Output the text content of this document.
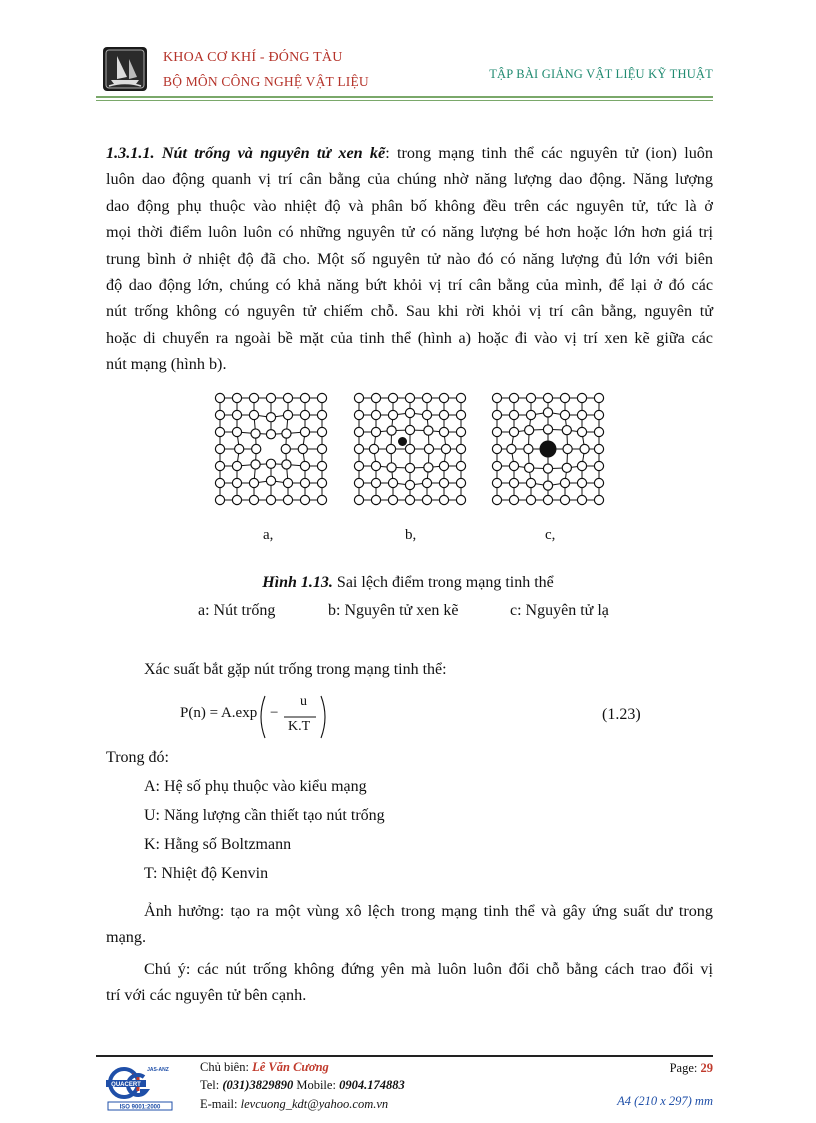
KHOA CƠ KHÍ - ĐÓNG TÀU
BỘ MÔN CÔNG NGHỆ VẬT LIỆU	TẬP BÀI GIẢNG VẬT LIỆU KỸ THUẬT
1.3.1.1. Nút trống và nguyên tử xen kẽ: trong mạng tinh thể các nguyên tử (ion) luôn
luôn dao động quanh vị trí cân bằng của chúng nhờ năng lượng dao động. Năng lượng
dao động phụ thuộc vào nhiệt độ và phân bố không đều trên các nguyên tử, tức là ở
mọi thời điểm luôn luôn có những nguyên tử có năng lượng bé hơn hoặc lớn hơn giá trị
trung bình ở nhiệt độ đã cho. Một số nguyên tử nào đó có năng lượng đủ lớn với biên
độ dao động lớn, chúng có khả năng bứt khỏi vị trí cân bằng của mình, để lại ở đó các
nút trống không có nguyên tử chiếm chỗ. Sau khi rời khỏi vị trí cân bằng, nguyên tử
hoặc di chuyển ra ngoài bề mặt của tinh thể (hình a) hoặc đi vào vị trí xen kẽ giữa các
nút mạng (hình b).
a,	b,	c,
Hình 1.13. Sai lệch điểm trong mạng tinh thể
a: Nút trống	b: Nguyên tử xen kẽ	c: Nguyên tử lạ
Xác suất bắt gặp nút trống trong mạng tinh thể:
P(n) = A.exp −
u
K.T
(1.23)
Trong đó:
A: Hệ số phụ thuộc vào kiểu mạng
U: Năng lượng cần thiết tạo nút trống
K: Hằng số Boltzmann
T: Nhiệt độ Kenvin
Ảnh hưởng: tạo ra một vùng xô lệch trong mạng tinh thể và gây ứng suất dư trong
mạng.
Chú ý: các nút trống không đứng yên mà luôn luôn đổi chỗ bằng cách trao đổi vị
trí với các nguyên tử bên cạnh.
QUACERT
JAS-ANZ
ISO 9001:2000
Chủ biên: Lê Văn Cương
Tel: (031)3829890 Mobile: 0904.174883
E-mail: levcuong_kdt@yahoo.com.vn
Page: 29
A4 (210 x 297) mm
